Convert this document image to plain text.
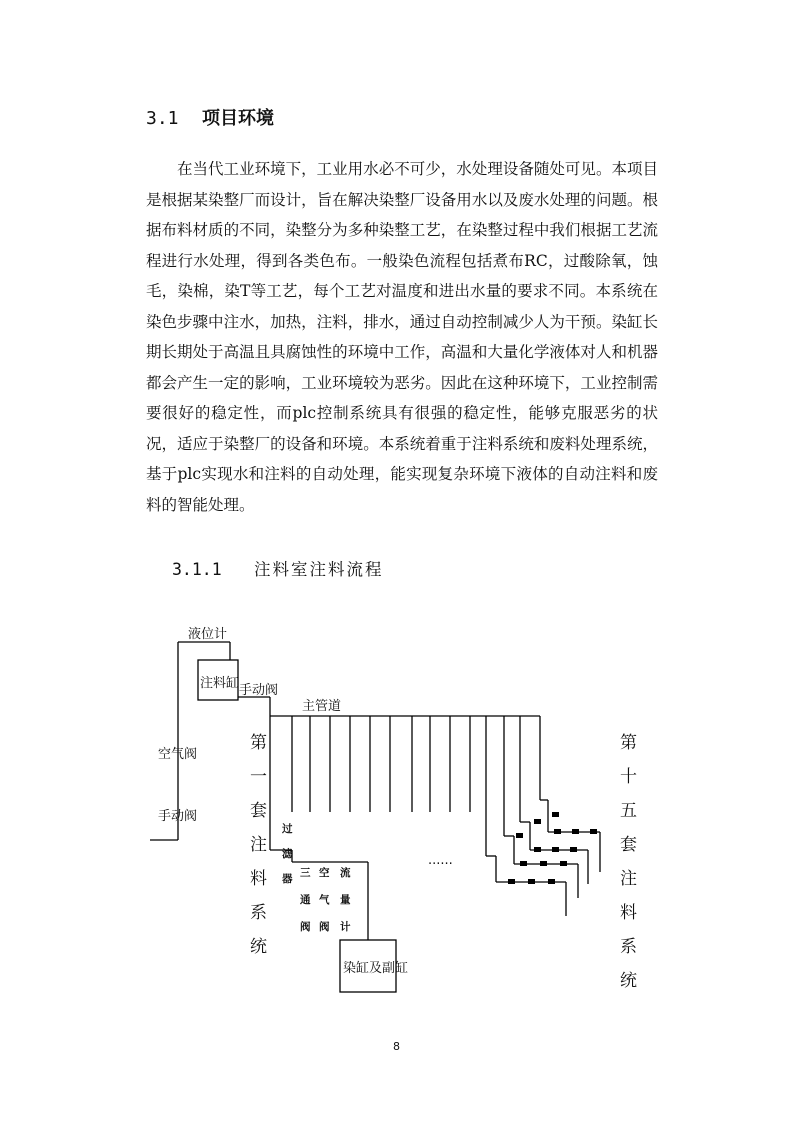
3.1 项目环境

在当代工业环境下，工业用水必不可少，水处理设备随处可见。本项目是根据某染整厂而设计，旨在解决染整厂设备用水以及废水处理的问题。根据布料材质的不同，染整分为多种染整工艺，在染整过程中我们根据工艺流程进行水处理，得到各类色布。一般染色流程包括煮布RC，过酸除氧，蚀毛，染棉，染T等工艺，每个工艺对温度和进出水量的要求不同。本系统在染色步骤中注水，加热，注料，排水，通过自动控制减少人为干预。染缸长期长期处于高温且具腐蚀性的环境中工作，高温和大量化学液体对人和机器都会产生一定的影响，工业环境较为恶劣。因此在这种环境下，工业控制需要很好的稳定性，而plc控制系统具有很强的稳定性，能够克服恶劣的状况，适应于染整厂的设备和环境。本系统着重于注料系统和废料处理系统，基于plc实现水和注料的自动处理，能实现复杂环境下液体的自动注料和废料的智能处理。

3.1.1 注料室注料流程
液位计
注料缸 手动阀
主管道
空气阀
手动阀
第
一
套
注
料
系
统
过
滤
器 三
通
阀
空
气
阀
流
量
计
······
染缸及副缸
第
十
五
套
注
料
系
统
8
